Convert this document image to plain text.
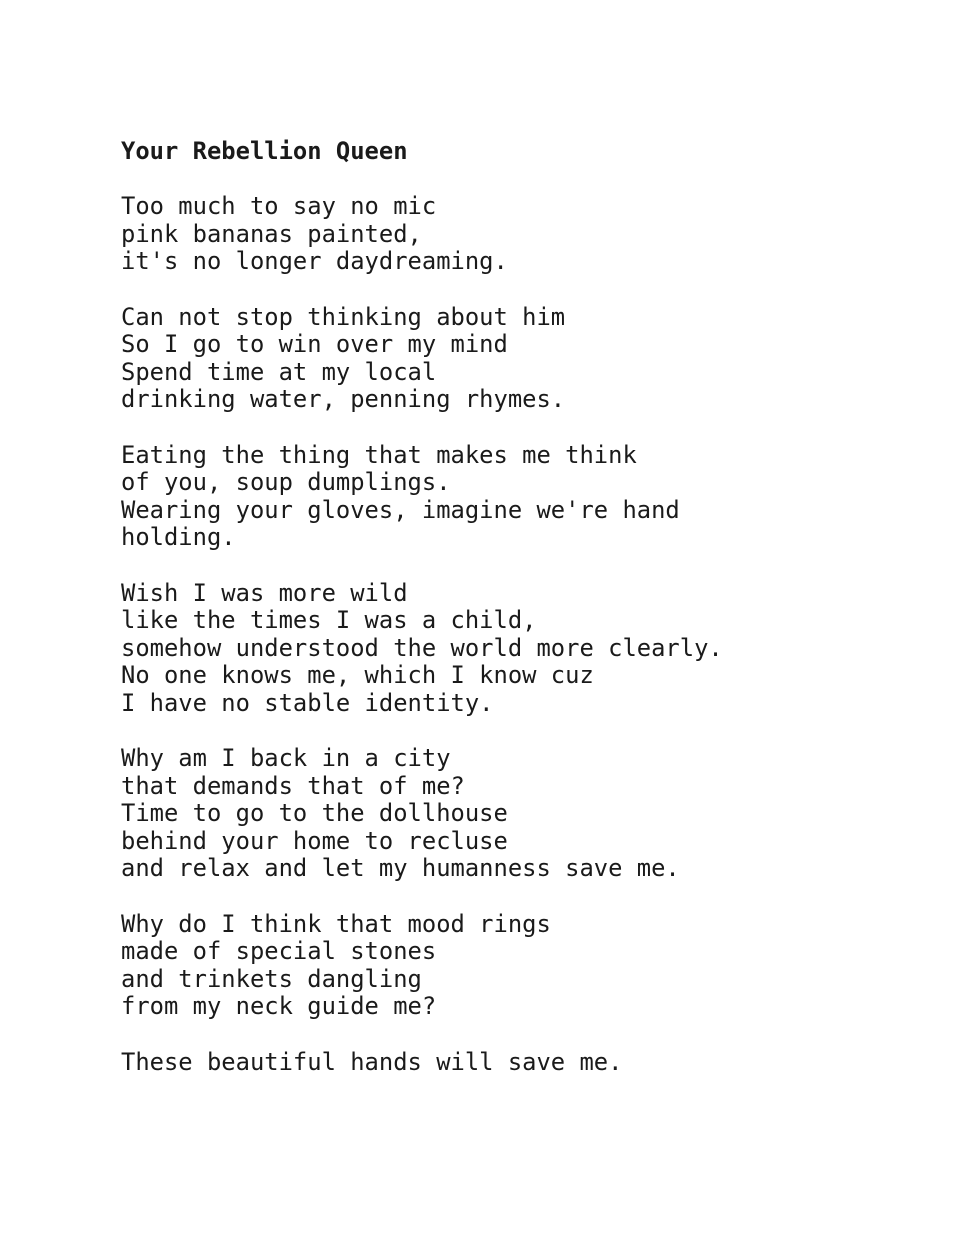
Your Rebellion Queen
Too much to say no mic
pink bananas painted,
it's no longer daydreaming.
Can not stop thinking about him
So I go to win over my mind
Spend time at my local
drinking water, penning rhymes.
Eating the thing that makes me think
of you, soup dumplings.
Wearing your gloves, imagine we're hand
holding.
Wish I was more wild
like the times I was a child,
somehow understood the world more clearly.
No one knows me, which I know cuz
I have no stable identity.
Why am I back in a city
that demands that of me?
Time to go to the dollhouse
behind your home to recluse
and relax and let my humanness save me.
Why do I think that mood rings
made of special stones
and trinkets dangling
from my neck guide me?
These beautiful hands will save me.
